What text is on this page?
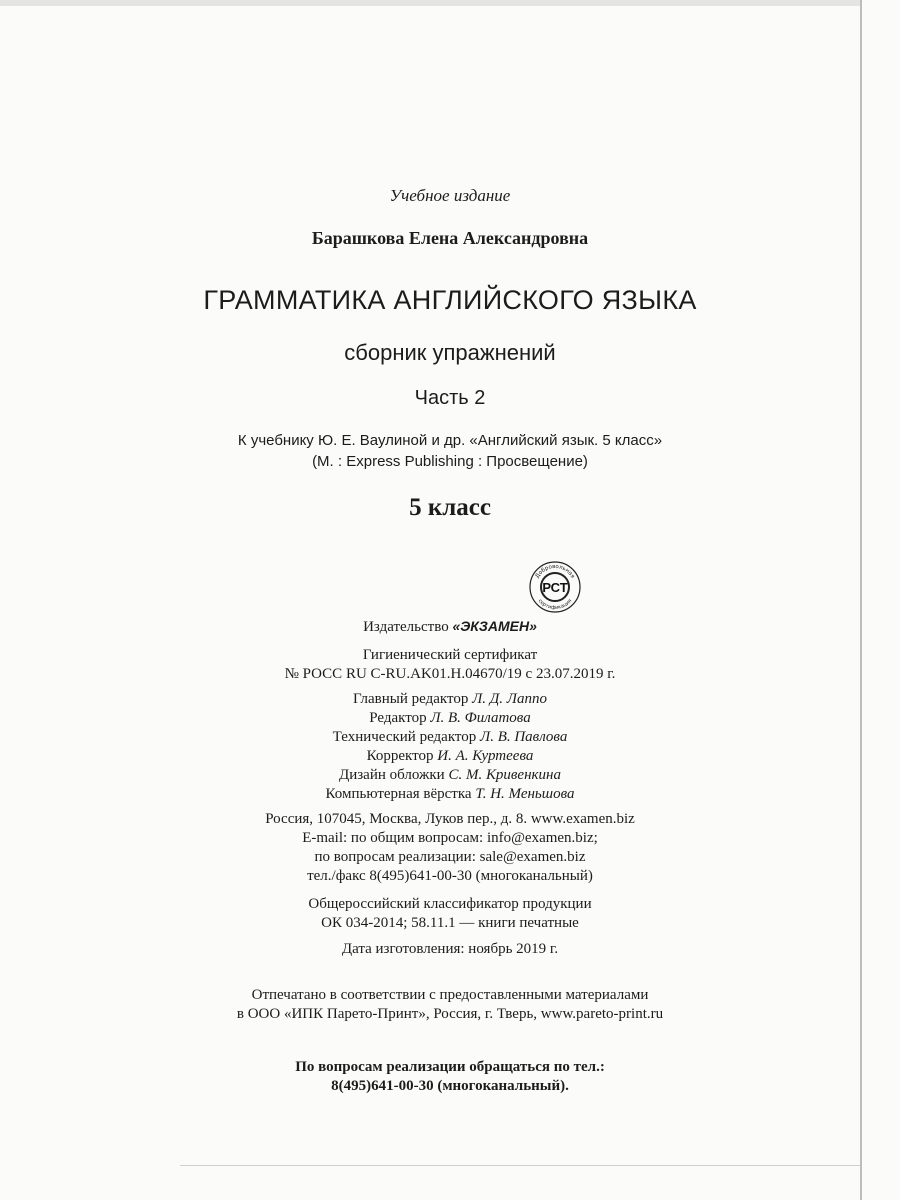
Учебное издание
Барашкова Елена Александровна
ГРАММАТИКА АНГЛИЙСКОГО ЯЗЫКА
сборник упражнений
Часть 2
К учебнику Ю. Е. Ваулиной и др. «Английский язык. 5 класс»
(М. : Express Publishing : Просвещение)
5 класс
Добровольная
сертификация
РСТ
Издательство «ЭКЗАМЕН»
Гигиенический сертификат
№ РОСС RU C-RU.AK01.H.04670/19 с 23.07.2019 г.
Главный редактор Л. Д. Лаппо
Редактор Л. В. Филатова
Технический редактор Л. В. Павлова
Корректор И. А. Куртеева
Дизайн обложки С. М. Кривенкина
Компьютерная вёрстка Т. Н. Меньшова
Россия, 107045, Москва, Луков пер., д. 8. www.examen.biz
E-mail: по общим вопросам: info@examen.biz;
по вопросам реализации: sale@examen.biz
тел./факс 8(495)641-00-30 (многоканальный)
Общероссийский классификатор продукции
ОК 034-2014; 58.11.1 — книги печатные
Дата изготовления: ноябрь 2019 г.
Отпечатано в соответствии с предоставленными материалами
в ООО «ИПК Парето-Принт», Россия, г. Тверь, www.pareto-print.ru
По вопросам реализации обращаться по тел.:
8(495)641-00-30 (многоканальный).
